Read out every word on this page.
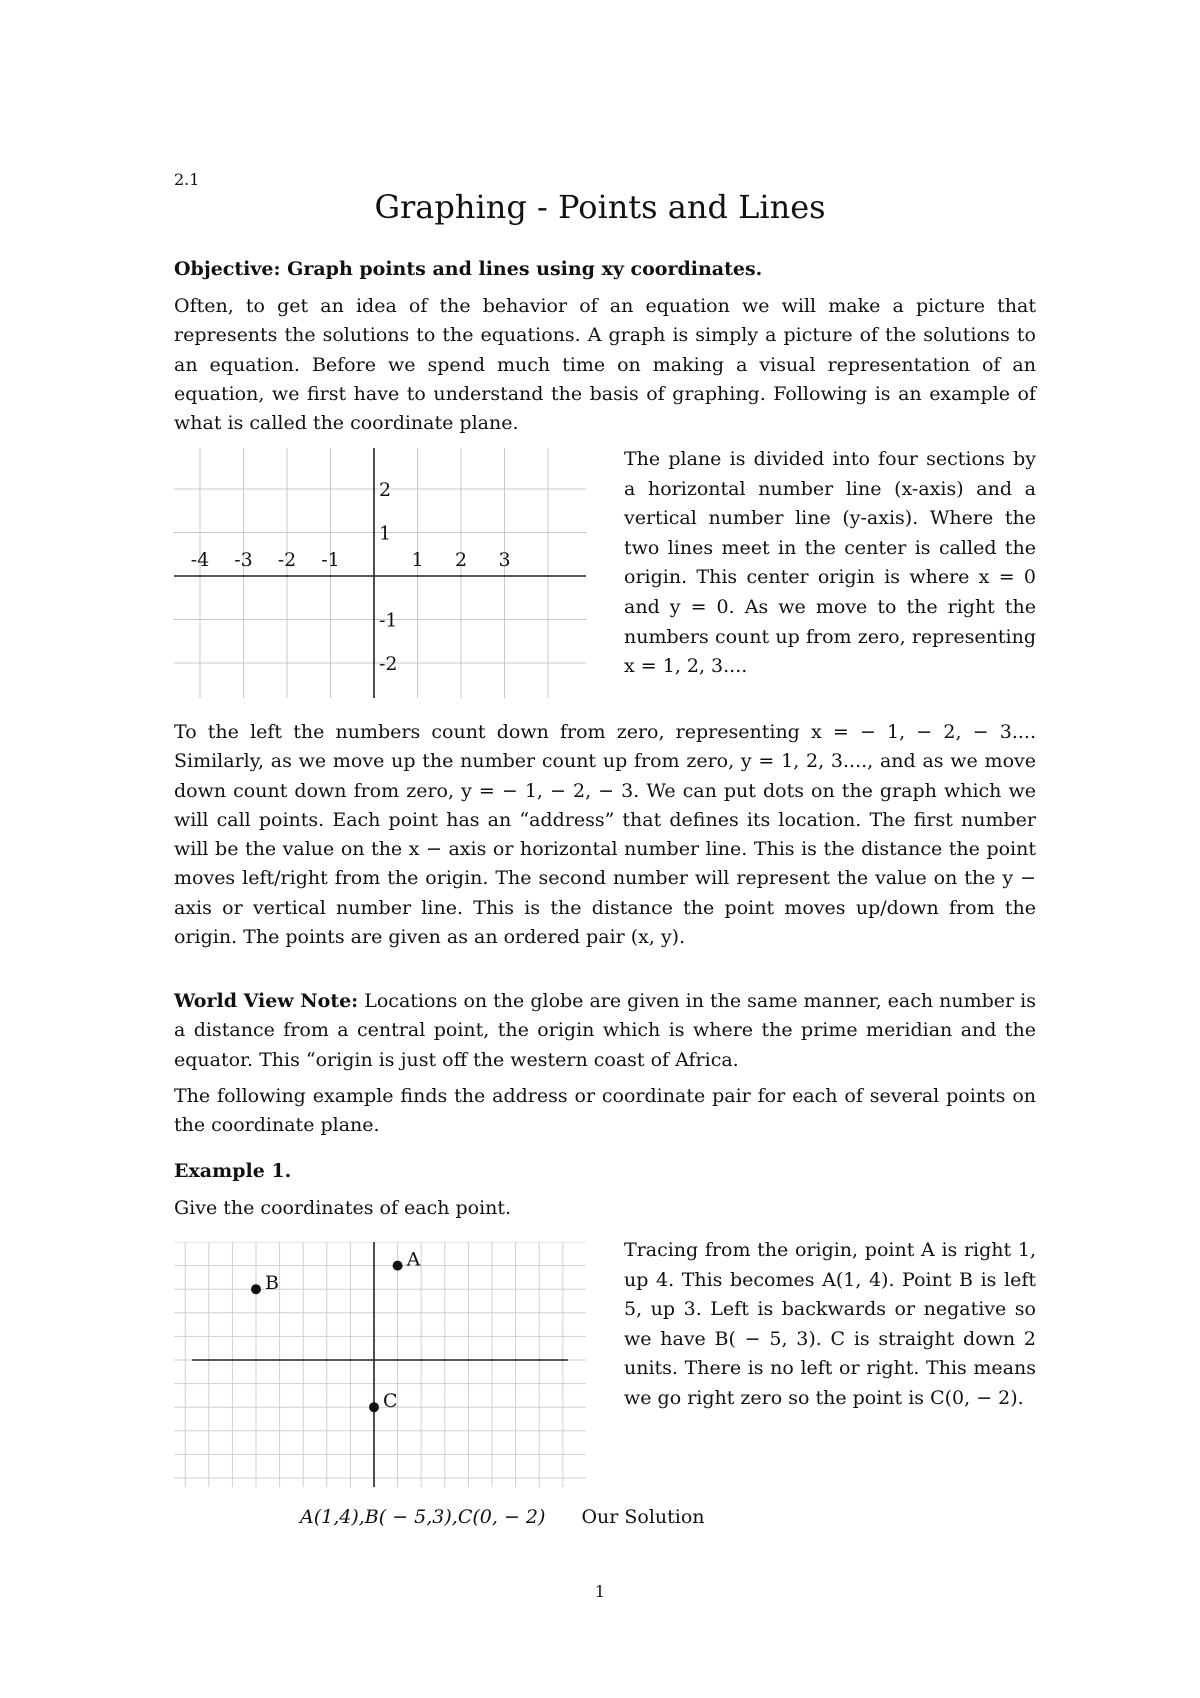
2.1
Graphing - Points and Lines
Objective: Graph points and lines using xy coordinates.
Often, to get an idea of the behavior of an equation we will make a picture that represents the solutions to the equations. A graph is simply a picture of the solutions to an equation. Before we spend much time on making a visual representation of an equation, we first have to understand the basis of graphing. Following is an example of what is called the coordinate plane.
-4 -3 -2 -1	1 2 3
2
1
-1
-2
The plane is divided into four sections by a horizontal number line (x-axis) and a vertical number line (y-axis). Where the two lines meet in the center is called the origin. This center origin is where x = 0 and y = 0. As we move to the right the numbers count up from zero, representing x = 1, 2, 3....
To the left the numbers count down from zero, representing x = − 1, − 2, − 3.... Similarly, as we move up the number count up from zero, y = 1, 2, 3...., and as we move down count down from zero, y = − 1, − 2, − 3. We can put dots on the graph which we will call points. Each point has an “address” that defines its location. The first number will be the value on the x − axis or horizontal number line. This is the distance the point moves left/right from the origin. The second number will represent the value on the y − axis or vertical number line. This is the distance the point moves up/down from the origin. The points are given as an ordered pair (x, y).
World View Note: Locations on the globe are given in the same manner, each number is a distance from a central point, the origin which is where the prime meridian and the equator. This “origin is just off the western coast of Africa.
The following example finds the address or coordinate pair for each of several points on the coordinate plane.
Example 1.
Give the coordinates of each point.
A
B
C
Tracing from the origin, point A is right 1, up 4. This becomes A(1, 4). Point B is left 5, up 3. Left is backwards or negative so we have B( − 5, 3). C is straight down 2 units. There is no left or right. This means we go right zero so the point is C(0, − 2).
A(1,4),B( − 5,3),C(0, − 2) Our Solution
1
